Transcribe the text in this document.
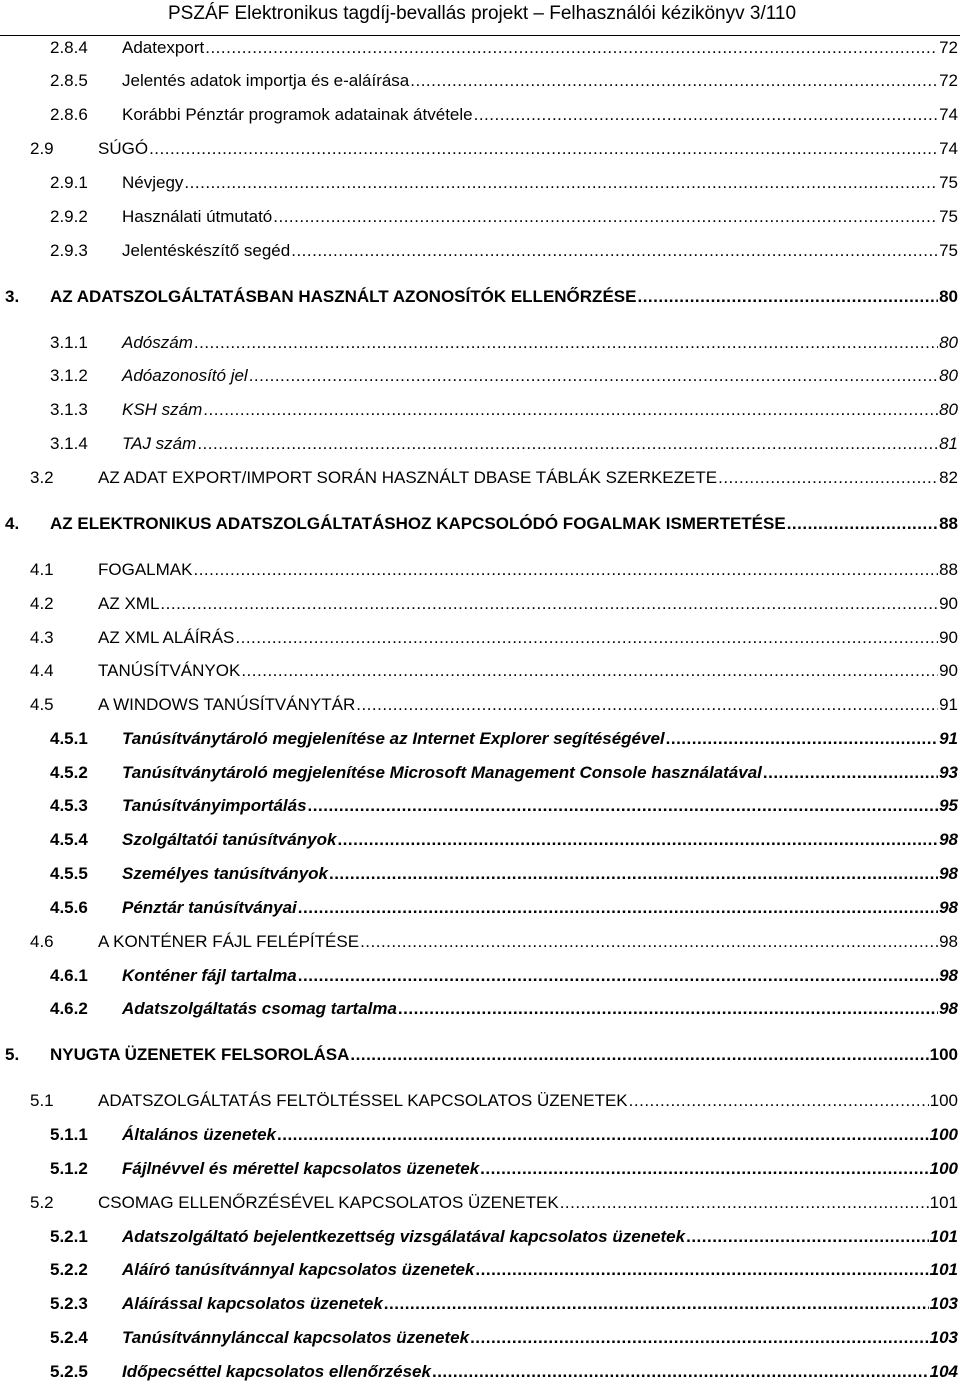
PSZÁF Elektronikus tagdíj-bevallás projekt – Felhasználói kézikönyv 3/110
2.8.4	Adatexport .....	72
2.8.5	Jelentés adatok importja és e-aláírása .....	72
2.8.6	Korábbi Pénztár programok adatainak átvétele .....	74
2.9	SÚGÓ .....	74
2.9.1	Névjegy .....	75
2.9.2	Használati útmutató .....	75
2.9.3	Jelentéskészítő segéd .....	75
3.	AZ ADATSZOLGÁLTATÁSBAN HASZNÁLT AZONOSÍTÓK ELLENŐRZÉSE .....	80
3.1.1	Adószám .....	80
3.1.2	Adóazonosító jel .....	80
3.1.3	KSH szám .....	80
3.1.4	TAJ szám .....	81
3.2	AZ ADAT EXPORT/IMPORT SORÁN HASZNÁLT DBASE TÁBLÁK SZERKEZETE .....	82
4.	AZ ELEKTRONIKUS ADATSZOLGÁLTATÁSHOZ KAPCSOLÓDÓ FOGALMAK ISMERTETÉSE .....	88
4.1	FOGALMAK .....	88
4.2	AZ XML .....	90
4.3	AZ XML ALÁÍRÁS .....	90
4.4	TANÚSÍTVÁNYOK .....	90
4.5	A WINDOWS TANÚSÍTVÁNYTÁR .....	91
4.5.1	Tanúsítványtároló megjelenítése az Internet Explorer segítéségével .....	91
4.5.2	Tanúsítványtároló megjelenítése Microsoft Management Console használatával .....	93
4.5.3	Tanúsítványimportálás .....	95
4.5.4	Szolgáltatói tanúsítványok .....	98
4.5.5	Személyes tanúsítványok .....	98
4.5.6	Pénztár tanúsítványai .....	98
4.6	A KONTÉNER FÁJL FELÉPÍTÉSE .....	98
4.6.1	Konténer fájl tartalma .....	98
4.6.2	Adatszolgáltatás csomag tartalma .....	98
5.	NYUGTA ÜZENETEK FELSOROLÁSA .....	100
5.1	ADATSZOLGÁLTATÁS FELTÖLTÉSSEL KAPCSOLATOS ÜZENETEK .....	100
5.1.1	Általános üzenetek .....	100
5.1.2	Fájlnévvel és mérettel kapcsolatos üzenetek .....	100
5.2	CSOMAG ELLENŐRZÉSÉVEL KAPCSOLATOS ÜZENETEK .....	101
5.2.1	Adatszolgáltató bejelentkezettség vizsgálatával kapcsolatos üzenetek .....	101
5.2.2	Aláíró tanúsítvánnyal kapcsolatos üzenetek .....	101
5.2.3	Aláírással kapcsolatos üzenetek .....	103
5.2.4	Tanúsítvánnylánccal kapcsolatos üzenetek .....	103
5.2.5	Időpecséttel kapcsolatos ellenőrzések .....	104
